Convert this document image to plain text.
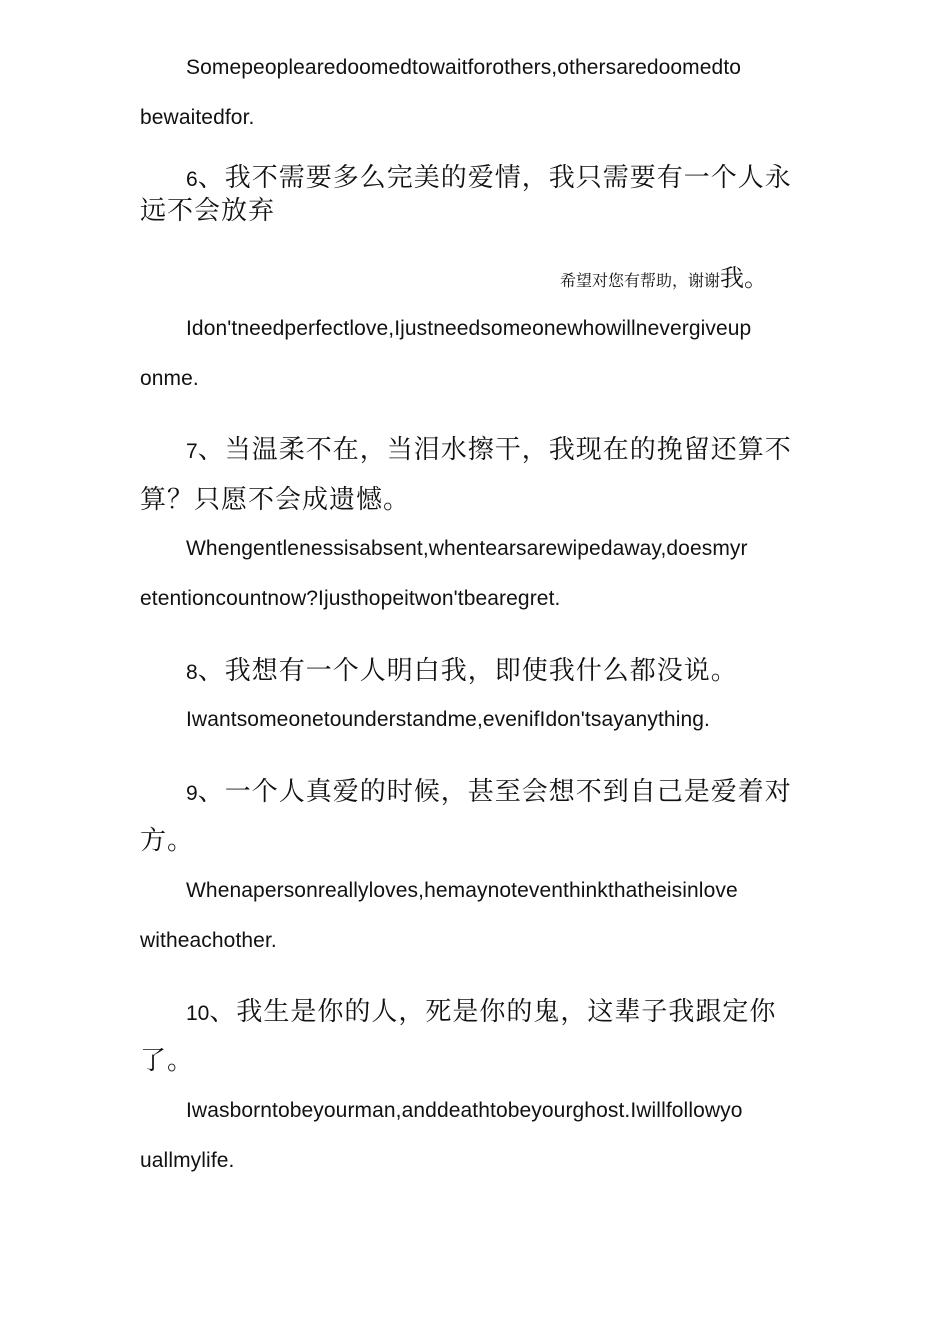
Somepeoplearedoomedtowaitforothers,othersaredoomedto

bewaitedfor.

6、我不需要多么完美的爱情，我只需要有一个人永

远不会放弃

希望对您有帮助，谢谢我。

Idon'tneedperfectlove,Ijustneedsomeonewhowillnevergiveup

onme.

7、当温柔不在，当泪水擦干，我现在的挽留还算不

算？只愿不会成遗憾。

Whengentlenessisabsent,whentearsarewipedaway,doesmyr

etentioncountnow?Ijusthopeitwon'tbearegret.

8、我想有一个人明白我，即使我什么都没说。

Iwantsomeonetounderstandme,evenifIdon'tsayanything.

9、一个人真爱的时候，甚至会想不到自己是爱着对

方。

Whenapersonreallyloves,hemaynoteventhinkthatheisinlove

witheachother.

10、我生是你的人，死是你的鬼，这辈子我跟定你

了。

Iwasborntobeyourman,anddeathtobeyourghost.Iwillfollowyo

uallmylife.
